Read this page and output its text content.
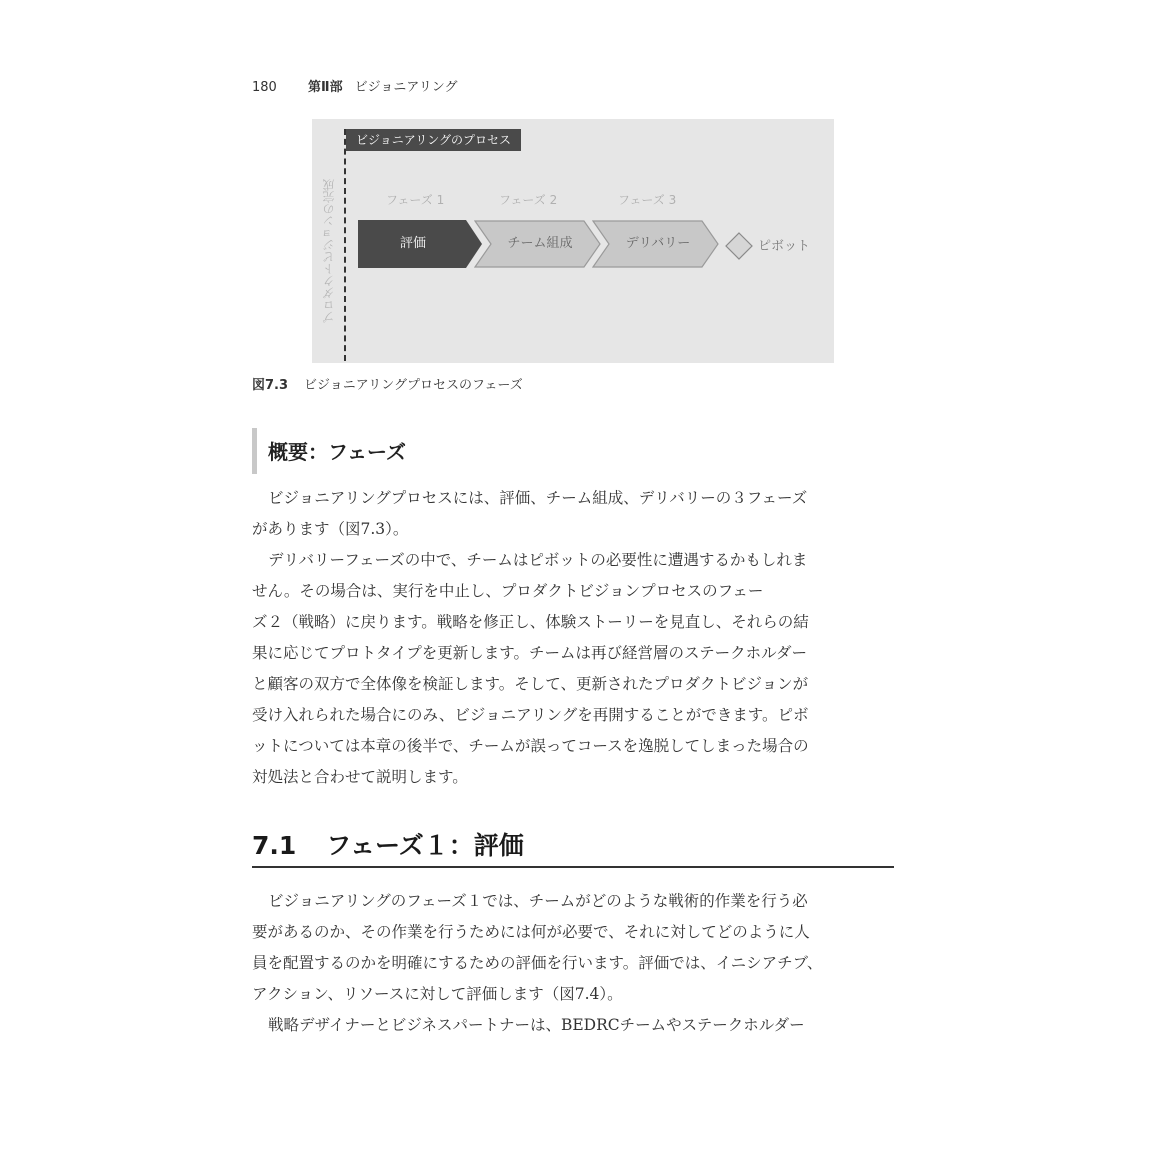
180 第Ⅱ部 ビジョニアリング
プロダクトビジョンの完成
ビジョニアリングのプロセス
フェーズ 1	フェーズ 2	フェーズ 3
評価	チーム組成	デリバリー	ピボット
図7.3 ビジョニアリングプロセスのフェーズ
概要：フェーズ
ビジョニアリングプロセスには、評価、チーム組成、デリバリーの３フェーズ
があります（図7.3）。
デリバリーフェーズの中で、チームはピボットの必要性に遭遇するかもしれま
せん。その場合は、実行を中止し、プロダクトビジョンプロセスのフェー
ズ２（戦略）に戻ります。戦略を修正し、体験ストーリーを見直し、それらの結
果に応じてプロトタイプを更新します。チームは再び経営層のステークホルダー
と顧客の双方で全体像を検証します。そして、更新されたプロダクトビジョンが
受け入れられた場合にのみ、ビジョニアリングを再開することができます。ピボ
ットについては本章の後半で、チームが誤ってコースを逸脱してしまった場合の
対処法と合わせて説明します。
7.1 フェーズ１：評価
ビジョニアリングのフェーズ１では、チームがどのような戦術的作業を行う必
要があるのか、その作業を行うためには何が必要で、それに対してどのように人
員を配置するのかを明確にするための評価を行います。評価では、イニシアチブ、
アクション、リソースに対して評価します（図7.4）。
戦略デザイナーとビジネスパートナーは、BEDRCチームやステークホルダー
